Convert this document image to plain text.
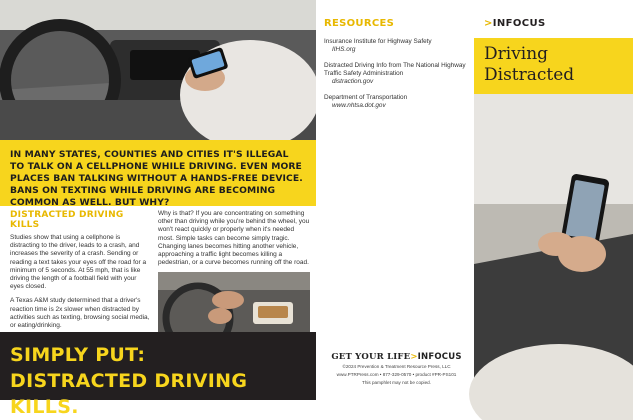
IN MANY STATES, COUNTIES AND CITIES IT'S ILLEGAL TO TALK ON A CELLPHONE WHILE DRIVING. EVEN MORE PLACES BAN TALKING WITHOUT A HANDS-FREE DEVICE. BANS ON TEXTING WHILE DRIVING ARE BECOMING COMMON AS WELL. BUT WHY?

DISTRACTED DRIVING KILLS

Studies show that using a cellphone is distracting to the driver, leads to a crash, and increases the severity of a crash. Sending or reading a text takes your eyes off the road for a minimum of 5 seconds. At 55 mph, that is like driving the length of a football field with your eyes closed.

A Texas A&M study determined that a driver's reaction time is 2x slower when distracted by activities such as texting, browsing social media, or eating/drinking.

Why is that? If you are concentrating on something other than driving while you're behind the wheel, you won't react quickly or properly when it's needed most. Simple tasks can become simply tragic. Changing lanes becomes hitting another vehicle, approaching a traffic light becomes killing a pedestrian, or a curve becomes running off the road.

SIMPLY PUT:
DISTRACTED DRIVING KILLS.
RESOURCES
Insurance Institute for Highway Safety
IIHS.org
Distracted Driving Info from The National Highway Traffic Safety Administration
distraction.gov
Department of Transportation
www.nhtsa.dot.gov
GET YOUR LIFE>INFOCUS
©2024 Prevention & Treatment Resource Press, LLC
www.PTRPress.com • 877-329-0570 • product #PR-PS101
This pamphlet may not be copied.
>INFOCUS
Driving
Distracted
